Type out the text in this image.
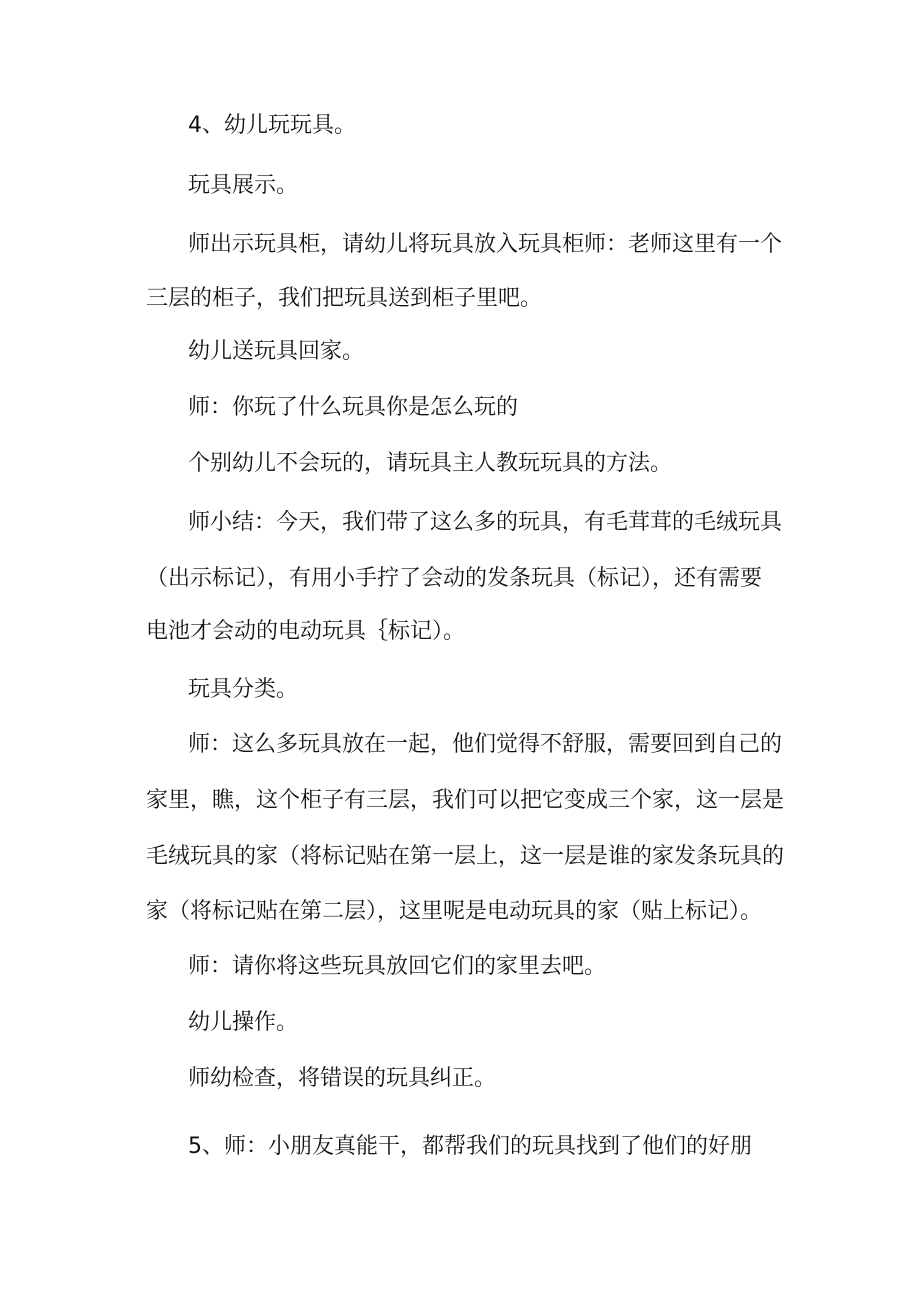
4、幼儿玩玩具。
玩具展示。
师出示玩具柜，请幼儿将玩具放入玩具柜师：老师这里有一个
三层的柜子，我们把玩具送到柜子里吧。
幼儿送玩具回家。
师：你玩了什么玩具你是怎么玩的
个别幼儿不会玩的，请玩具主人教玩玩具的方法。
师小结：今天，我们带了这么多的玩具，有毛茸茸的毛绒玩具
（出示标记），有用小手拧了会动的发条玩具（标记），还有需要
电池才会动的电动玩具｛标记）。
玩具分类。
师：这么多玩具放在一起，他们觉得不舒服，需要回到自己的
家里，瞧，这个柜子有三层，我们可以把它变成三个家，这一层是
毛绒玩具的家（将标记贴在第一层上，这一层是谁的家发条玩具的
家（将标记贴在第二层），这里呢是电动玩具的家（贴上标记）。
师：请你将这些玩具放回它们的家里去吧。
幼儿操作。
师幼检查，将错误的玩具纠正。
5、师：小朋友真能干，都帮我们的玩具找到了他们的好朋
